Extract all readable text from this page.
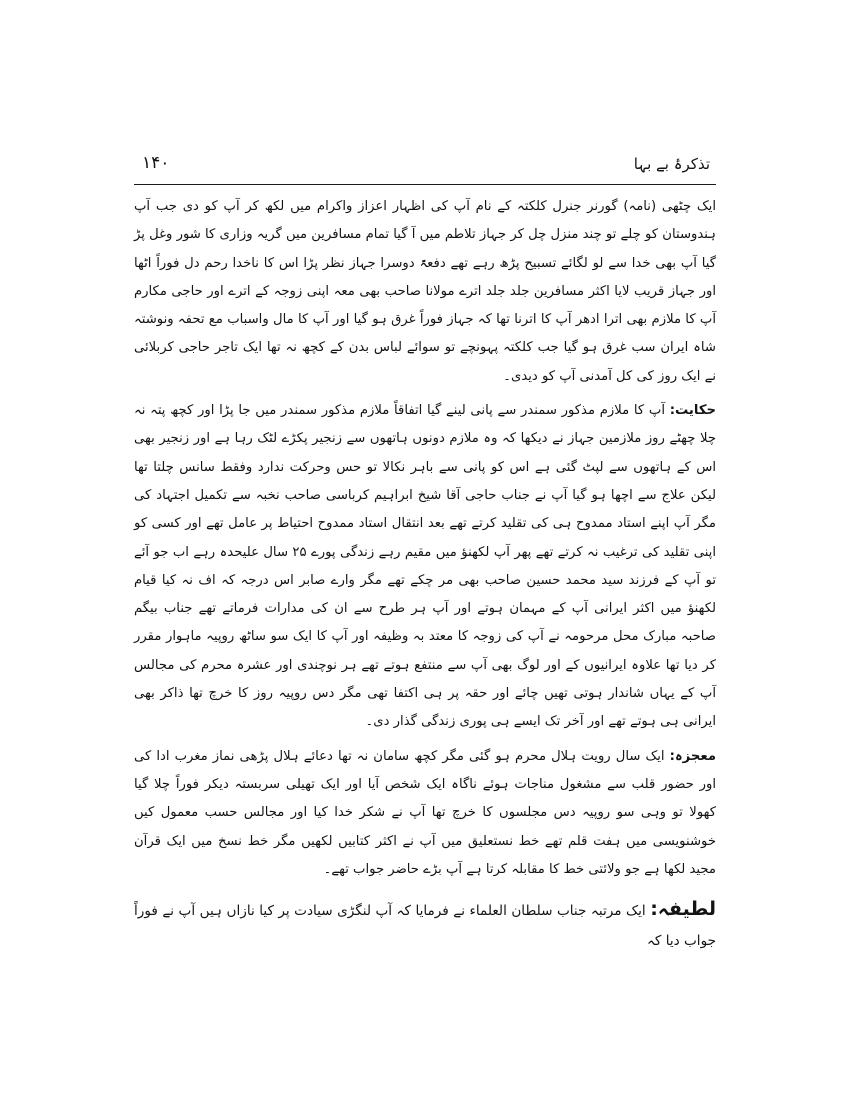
۱۴۰	تذکرۂ بے بہا

ایک چٹھی (نامہ) گورنر جنرل کلکتہ کے نام آپ کی اظہار اعزاز واکرام میں لکھ کر آپ کو دی جب آپ ہندوستان کو چلے تو چند منزل چل کر جہاز تلاطم میں آ گیا تمام مسافرین میں گریہ وزاری کا شور وغل پڑ گیا آپ بھی خدا سے لو لگائے تسبیح پڑھ رہے تھے دفعۃً دوسرا جہاز نظر پڑا اس کا ناخدا رحم دل فوراً اٹھا اور جہاز قریب لایا اکثر مسافرین جلد جلد اترے مولانا صاحب بھی معہ اپنی زوجہ کے اترے اور حاجی مکارم آپ کا ملازم بھی اترا ادھر آپ کا اترنا تھا کہ جہاز فوراً غرق ہو گیا اور آپ کا مال واسباب مع تحفہ ونوشتہ شاہ ایران سب غرق ہو گیا جب کلکتہ پہونچے تو سوائے لباس بدن کے کچھ نہ تھا ایک تاجر حاجی کربلائی نے ایک روز کی کل آمدنی آپ کو دیدی۔

حکایت: آپ کا ملازم مذکور سمندر سے پانی لینے گیا اتفاقاً ملازم مذکور سمندر میں جا پڑا اور کچھ پتہ نہ چلا چھٹے روز ملازمین جہاز نے دیکھا کہ وہ ملازم دونوں ہاتھوں سے زنجیر پکڑے لٹک رہا ہے اور زنجیر بھی اس کے ہاتھوں سے لپٹ گئی ہے اس کو پانی سے باہر نکالا تو حس وحرکت ندارد وفقط سانس چلتا تھا لیکن علاج سے اچھا ہو گیا آپ نے جناب حاجی آقا شیخ ابراہیم کرباسی صاحب نخبہ سے تکمیل اجتہاد کی مگر آپ اپنے استاد ممدوح ہی کی تقلید کرتے تھے بعد انتقال استاد ممدوح احتیاط پر عامل تھے اور کسی کو اپنی تقلید کی ترغیب نہ کرتے تھے پھر آپ لکھنؤ میں مقیم رہے زندگی پورے ۲۵ سال علیحدہ رہے اب جو آئے تو آپ کے فرزند سید محمد حسین صاحب بھی مر چکے تھے مگر وارے صابر اس درجہ کہ اف نہ کیا قیام لکھنؤ میں اکثر ایرانی آپ کے مہمان ہوتے اور آپ ہر طرح سے ان کی مدارات فرماتے تھے جناب بیگم صاحبہ مبارک محل مرحومہ نے آپ کی زوجہ کا معتد بہ وظیفہ اور آپ کا ایک سو ساٹھ روپیہ ماہوار مقرر کر دیا تھا علاوہ ایرانیوں کے اور لوگ بھی آپ سے منتفع ہوتے تھے ہر نوچندی اور عشرہ محرم کی مجالس آپ کے یہاں شاندار ہوتی تھیں چائے اور حقہ پر ہی اکتفا تھی مگر دس روپیہ روز کا خرچ تھا ذاکر بھی ایرانی ہی ہوتے تھے اور آخر تک ایسے ہی پوری زندگی گذار دی۔

معجزہ: ایک سال رویت ہلال محرم ہو گئی مگر کچھ سامان نہ تھا دعائے ہلال پڑھی نماز مغرب ادا کی اور حضور قلب سے مشغول مناجات ہوئے ناگاہ ایک شخص آیا اور ایک تھیلی سربستہ دیکر فوراً چلا گیا کھولا تو وہی سو روپیہ دس مجلسوں کا خرچ تھا آپ نے شکر خدا کیا اور مجالس حسب معمول کیں خوشنویسی میں ہفت قلم تھے خط نستعلیق میں آپ نے اکثر کتابیں لکھیں مگر خط نسخ میں ایک قرآن مجید لکھا ہے جو ولائتی خط کا مقابلہ کرتا ہے آپ بڑے حاضر جواب تھے۔

لطیفہ: ایک مرتبہ جناب سلطان العلماء نے فرمایا کہ آپ لنگڑی سیادت پر کیا نازاں ہیں آپ نے فوراً جواب دیا کہ
